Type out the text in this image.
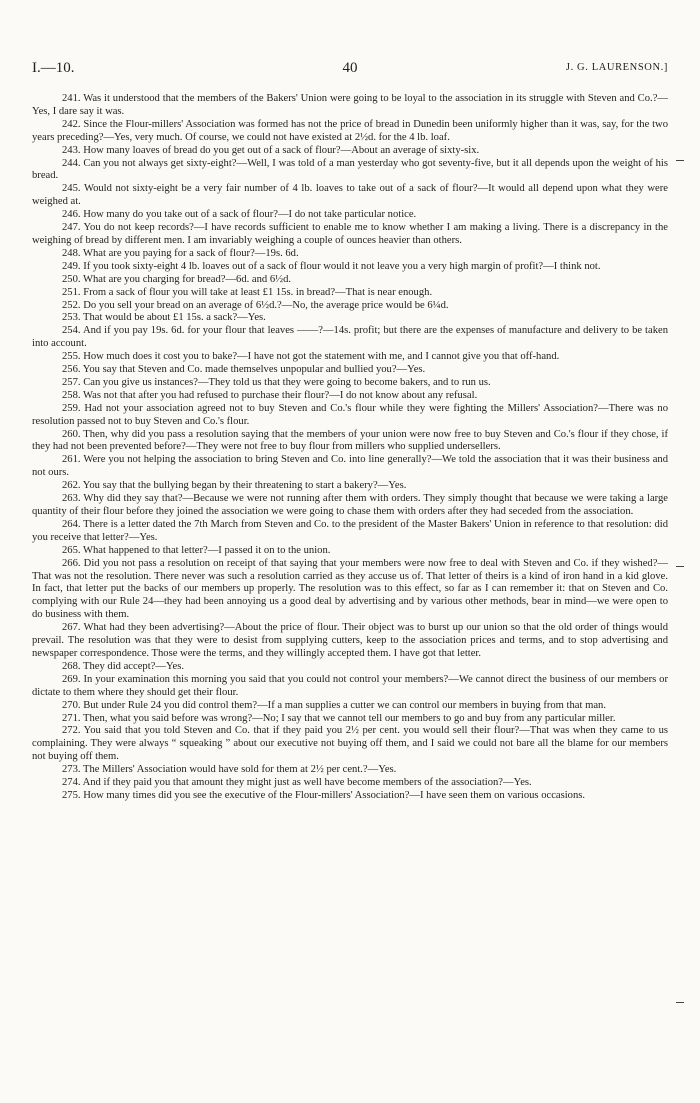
I.—10.	40	J. G. LAURENSON.]

241. Was it understood that the members of the Bakers' Union were going to be loyal to the association in its struggle with Steven and Co.?—Yes, I dare say it was.

242. Since the Flour-millers' Association was formed has not the price of bread in Dunedin been uniformly higher than it was, say, for the two years preceding?—Yes, very much. Of course, we could not have existed at 2½d. for the 4 lb. loaf.

243. How many loaves of bread do you get out of a sack of flour?—About an average of sixty-six.

244. Can you not always get sixty-eight?—Well, I was told of a man yesterday who got seventy-five, but it all depends upon the weight of his bread.

245. Would not sixty-eight be a very fair number of 4 lb. loaves to take out of a sack of flour?—It would all depend upon what they were weighed at.

246. How many do you take out of a sack of flour?—I do not take particular notice.

247. You do not keep records?—I have records sufficient to enable me to know whether I am making a living. There is a discrepancy in the weighing of bread by different men. I am invariably weighing a couple of ounces heavier than others.

248. What are you paying for a sack of flour?—19s. 6d.

249. If you took sixty-eight 4 lb. loaves out of a sack of flour would it not leave you a very high margin of profit?—I think not.

250. What are you charging for bread?—6d. and 6½d.

251. From a sack of flour you will take at least £1 15s. in bread?—That is near enough.

252. Do you sell your bread on an average of 6½d.?—No, the average price would be 6¼d.

253. That would be about £1 15s. a sack?—Yes.

254. And if you pay 19s. 6d. for your flour that leaves ——?—14s. profit; but there are the expenses of manufacture and delivery to be taken into account.

255. How much does it cost you to bake?—I have not got the statement with me, and I cannot give you that off-hand.

256. You say that Steven and Co. made themselves unpopular and bullied you?—Yes.

257. Can you give us instances?—They told us that they were going to become bakers, and to run us.

258. Was not that after you had refused to purchase their flour?—I do not know about any refusal.

259. Had not your association agreed not to buy Steven and Co.'s flour while they were fighting the Millers' Association?—There was no resolution passed not to buy Steven and Co.'s flour.

260. Then, why did you pass a resolution saying that the members of your union were now free to buy Steven and Co.'s flour if they chose, if they had not been prevented before?—They were not free to buy flour from millers who supplied undersellers.

261. Were you not helping the association to bring Steven and Co. into line generally?—We told the association that it was their business and not ours.

262. You say that the bullying began by their threatening to start a bakery?—Yes.

263. Why did they say that?—Because we were not running after them with orders. They simply thought that because we were taking a large quantity of their flour before they joined the association we were going to chase them with orders after they had seceded from the association.

264. There is a letter dated the 7th March from Steven and Co. to the president of the Master Bakers' Union in reference to that resolution: did you receive that letter?—Yes.

265. What happened to that letter?—I passed it on to the union.

266. Did you not pass a resolution on receipt of that saying that your members were now free to deal with Steven and Co. if they wished?—That was not the resolution. There never was such a resolution carried as they accuse us of. That letter of theirs is a kind of iron hand in a kid glove. In fact, that letter put the backs of our members up properly. The resolution was to this effect, so far as I can remember it: that on Steven and Co. complying with our Rule 24—they had been annoying us a good deal by advertising and by various other methods, bear in mind—we were open to do business with them.

267. What had they been advertising?—About the price of flour. Their object was to burst up our union so that the old order of things would prevail. The resolution was that they were to desist from supplying cutters, keep to the association prices and terms, and to stop advertising and newspaper correspondence. Those were the terms, and they willingly accepted them. I have got that letter.

268. They did accept?—Yes.

269. In your examination this morning you said that you could not control your members?—We cannot direct the business of our members or dictate to them where they should get their flour.

270. But under Rule 24 you did control them?—If a man supplies a cutter we can control our members in buying from that man.

271. Then, what you said before was wrong?—No; I say that we cannot tell our members to go and buy from any particular miller.

272. You said that you told Steven and Co. that if they paid you 2½ per cent. you would sell their flour?—That was when they came to us complaining. They were always “ squeaking ” about our executive not buying off them, and I said we could not bare all the blame for our members not buying off them.

273. The Millers' Association would have sold for them at 2½ per cent.?—Yes.

274. And if they paid you that amount they might just as well have become members of the association?—Yes.

275. How many times did you see the executive of the Flour-millers' Association?—I have seen them on various occasions.
